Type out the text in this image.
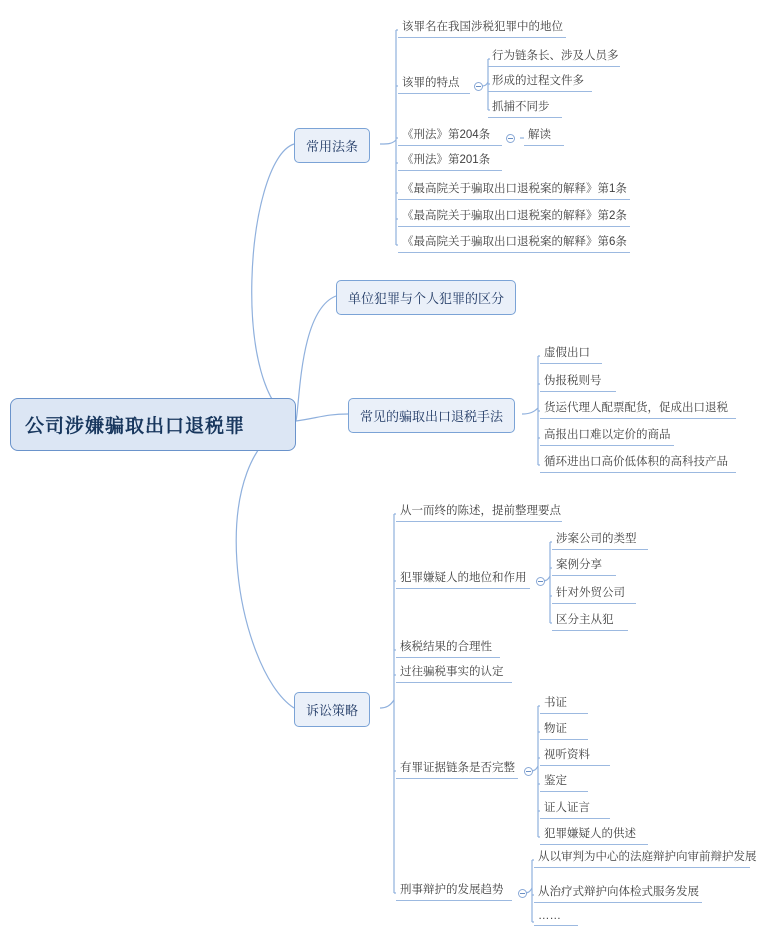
公司涉嫌骗取出口退税罪
常用法条
该罪名在我国涉税犯罪中的地位
该罪的特点
行为链条长、涉及人员多
形成的过程文件多
抓捕不同步
《刑法》第204条	解读
《刑法》第201条
《最高院关于骗取出口退税案的解释》第1条
《最高院关于骗取出口退税案的解释》第2条
《最高院关于骗取出口退税案的解释》第6条
单位犯罪与个人犯罪的区分
常见的骗取出口退税手法
虚假出口
伪报税则号
货运代理人配票配货，促成出口退税
高报出口难以定价的商品
循环进出口高价低体积的高科技产品
诉讼策略
从一而终的陈述，提前整理要点
犯罪嫌疑人的地位和作用
涉案公司的类型
案例分享
针对外贸公司
区分主从犯
核税结果的合理性
过往骗税事实的认定
有罪证据链条是否完整
书证
物证
视听资料
鉴定
证人证言
犯罪嫌疑人的供述
刑事辩护的发展趋势
从以审判为中心的法庭辩护向审前辩护发展
从治疗式辩护向体检式服务发展
……
